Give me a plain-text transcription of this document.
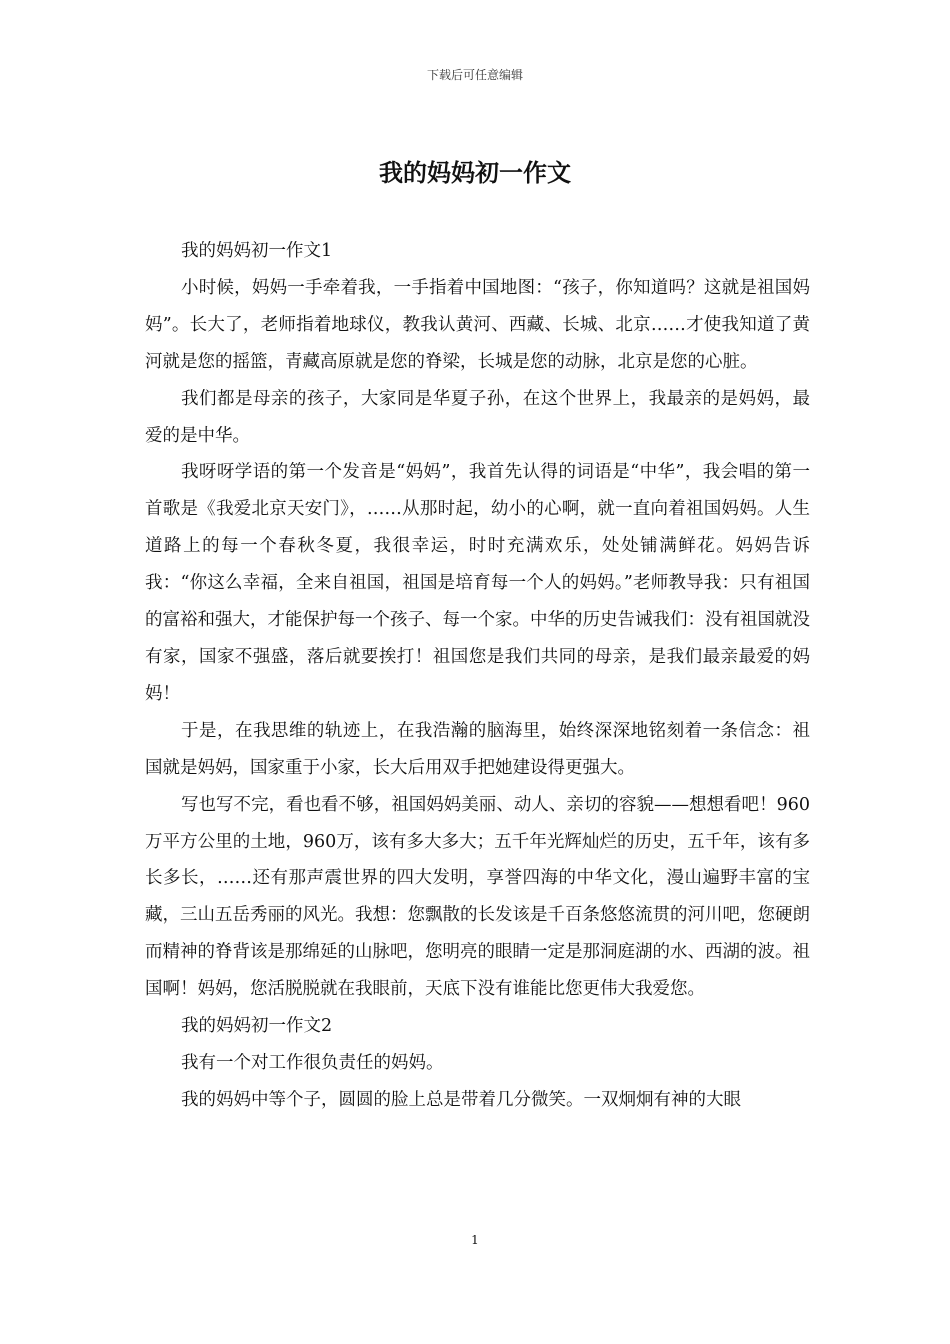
下载后可任意编辑
我的妈妈初一作文

我的妈妈初一作文1

小时候，妈妈一手牵着我，一手指着中国地图：“孩子，你知道吗？这就是祖国妈妈”。长大了，老师指着地球仪，教我认黄河、西藏、长城、北京……才使我知道了黄河就是您的摇篮，青藏高原就是您的脊梁，长城是您的动脉，北京是您的心脏。

我们都是母亲的孩子，大家同是华夏子孙，在这个世界上，我最亲的是妈妈，最爱的是中华。

我呀呀学语的第一个发音是“妈妈”，我首先认得的词语是“中华”，我会唱的第一首歌是《我爱北京天安门》，……从那时起，幼小的心啊，就一直向着祖国妈妈。人生道路上的每一个春秋冬夏，我很幸运，时时充满欢乐，处处铺满鲜花。妈妈告诉我：“你这么幸福，全来自祖国，祖国是培育每一个人的妈妈。”老师教导我：只有祖国的富裕和强大，才能保护每一个孩子、每一个家。中华的历史告诫我们：没有祖国就没有家，国家不强盛，落后就要挨打！祖国您是我们共同的母亲，是我们最亲最爱的妈妈！

于是，在我思维的轨迹上，在我浩瀚的脑海里，始终深深地铭刻着一条信念：祖国就是妈妈，国家重于小家，长大后用双手把她建设得更强大。

写也写不完，看也看不够，祖国妈妈美丽、动人、亲切的容貌——想想看吧！960万平方公里的土地，960万，该有多大多大；五千年光辉灿烂的历史，五千年，该有多长多长，……还有那声震世界的四大发明，享誉四海的中华文化，漫山遍野丰富的宝藏，三山五岳秀丽的风光。我想：您飘散的长发该是千百条悠悠流贯的河川吧，您硬朗而精神的脊背该是那绵延的山脉吧，您明亮的眼睛一定是那洞庭湖的水、西湖的波。祖国啊！妈妈，您活脱脱就在我眼前，天底下没有谁能比您更伟大我爱您。

我的妈妈初一作文2

我有一个对工作很负责任的妈妈。

我的妈妈中等个子，圆圆的脸上总是带着几分微笑。一双炯炯有神的大眼

1
